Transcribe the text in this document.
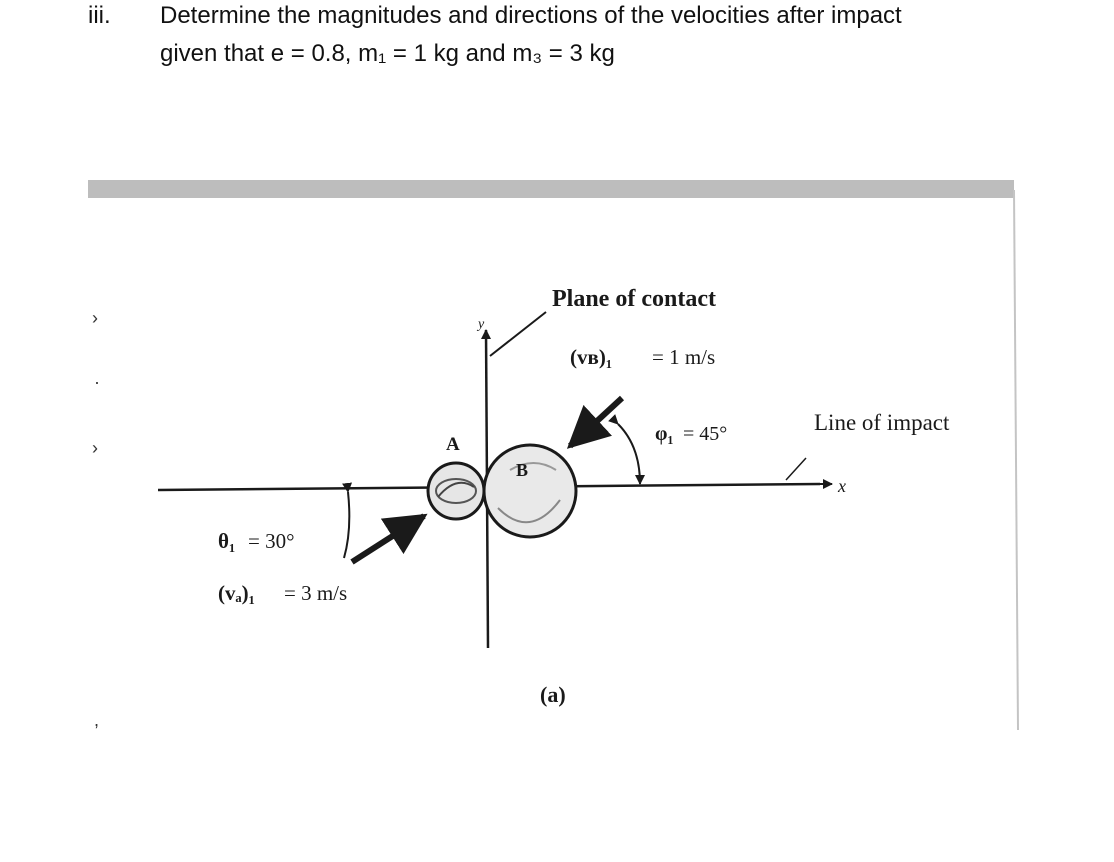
iii. Determine the magnitudes and directions of the velocities after impact
given that e = 0.8, m₁ = 1 kg and m₃ = 3 kg
›
·
›
,
Plane of contact
(vʙ)₁ = 1 m/s
φ₁ = 45°	Line of impact
x
y
A
B
θ₁ = 30°
(vₐ)₁ = 3 m/s
(a)
